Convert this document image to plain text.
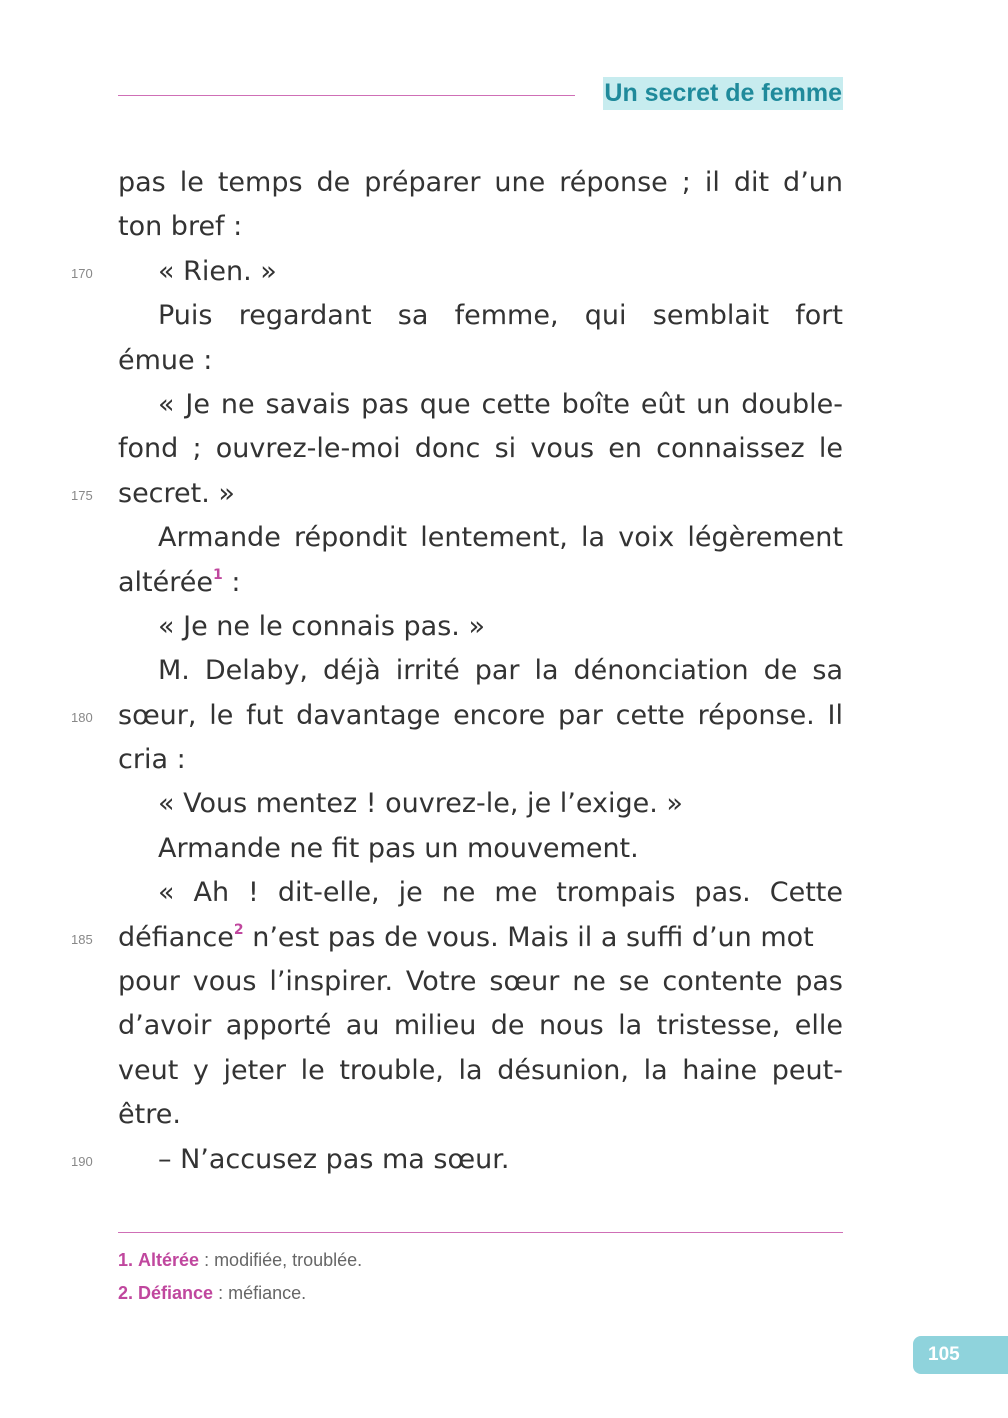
Un secret de femme
pas le temps de préparer une réponse ; il dit d’un
ton bref :
170	« Rien. »
Puis regardant sa femme, qui semblait fort
émue :
« Je ne savais pas que cette boîte eût un double-
fond ; ouvrez-le-moi donc si vous en connaissez le
175 secret. »
Armande répondit lentement, la voix légèrement
altérée$^1$ :
« Je ne le connais pas. »
M. Delaby, déjà irrité par la dénonciation de sa
180 sœur, le fut davantage encore par cette réponse. Il
cria :
« Vous mentez ! ouvrez-le, je l’exige. »
Armande ne fit pas un mouvement.
« Ah ! dit-elle, je ne me trompais pas. Cette
185 défiance$^2$ n’est pas de vous. Mais il a suffi d’un mot
pour vous l’inspirer. Votre sœur ne se contente pas
d’avoir apporté au milieu de nous la tristesse, elle
veut y jeter le trouble, la désunion, la haine peut-
être.
190	– N’accusez pas ma sœur.
1. Altérée : modifiée, troublée.
2. Défiance : méfiance.
105
